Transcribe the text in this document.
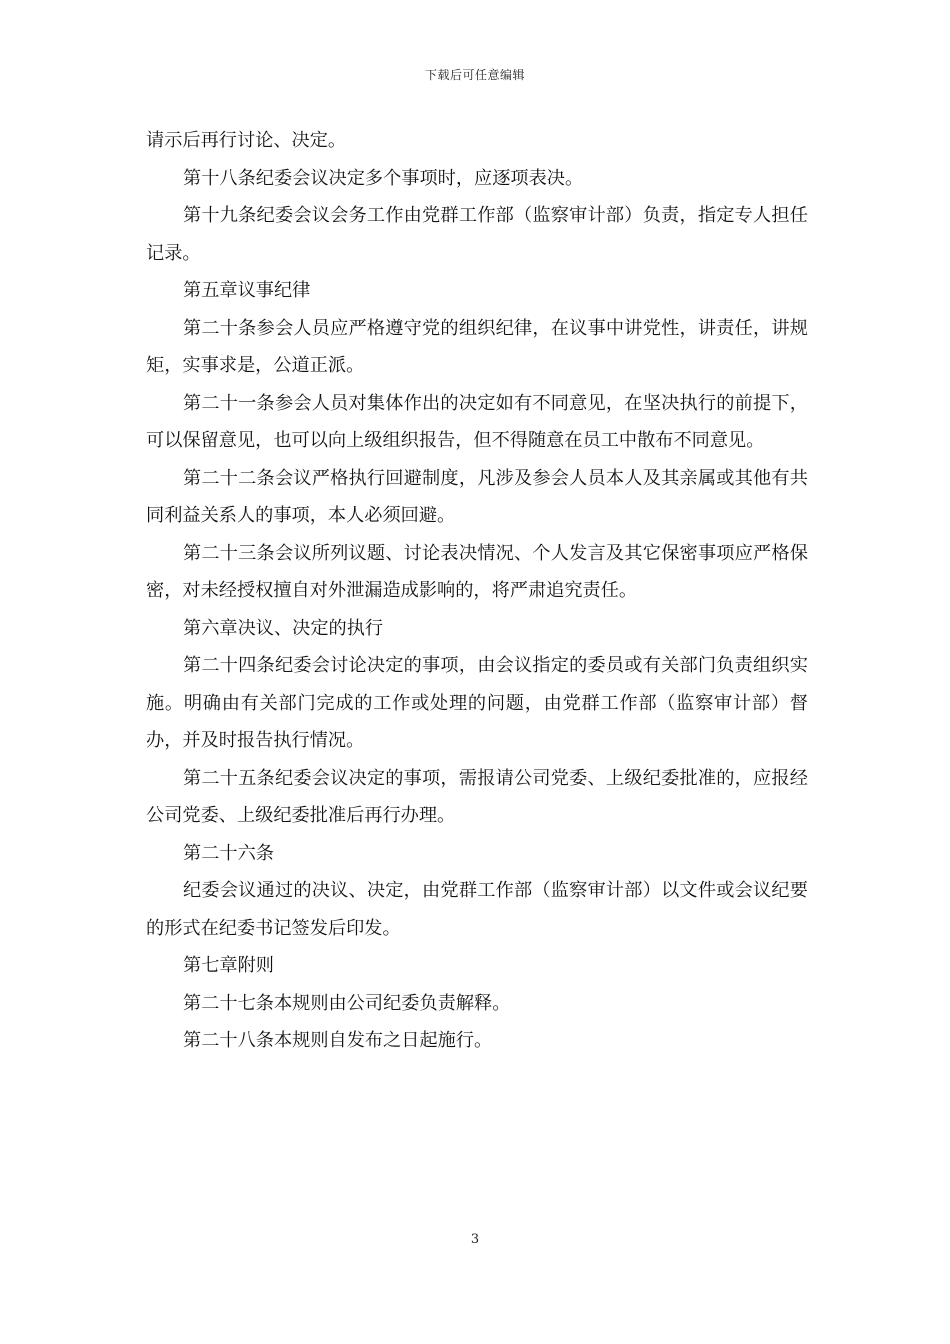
下载后可任意编辑

请示后再行讨论、决定。

第十八条纪委会议决定多个事项时，应逐项表决。

第十九条纪委会议会务工作由党群工作部（监察审计部）负责，指定专人担任记录。

第五章议事纪律

第二十条参会人员应严格遵守党的组织纪律，在议事中讲党性，讲责任，讲规矩，实事求是，公道正派。

第二十一条参会人员对集体作出的决定如有不同意见，在坚决执行的前提下，可以保留意见，也可以向上级组织报告，但不得随意在员工中散布不同意见。

第二十二条会议严格执行回避制度，凡涉及参会人员本人及其亲属或其他有共同利益关系人的事项，本人必须回避。

第二十三条会议所列议题、讨论表决情况、个人发言及其它保密事项应严格保密，对未经授权擅自对外泄漏造成影响的，将严肃追究责任。

第六章决议、决定的执行

第二十四条纪委会讨论决定的事项，由会议指定的委员或有关部门负责组织实施。明确由有关部门完成的工作或处理的问题，由党群工作部（监察审计部）督办，并及时报告执行情况。

第二十五条纪委会议决定的事项，需报请公司党委、上级纪委批准的，应报经公司党委、上级纪委批准后再行办理。

第二十六条

纪委会议通过的决议、决定，由党群工作部（监察审计部）以文件或会议纪要的形式在纪委书记签发后印发。

第七章附则

第二十七条本规则由公司纪委负责解释。

第二十八条本规则自发布之日起施行。

3
